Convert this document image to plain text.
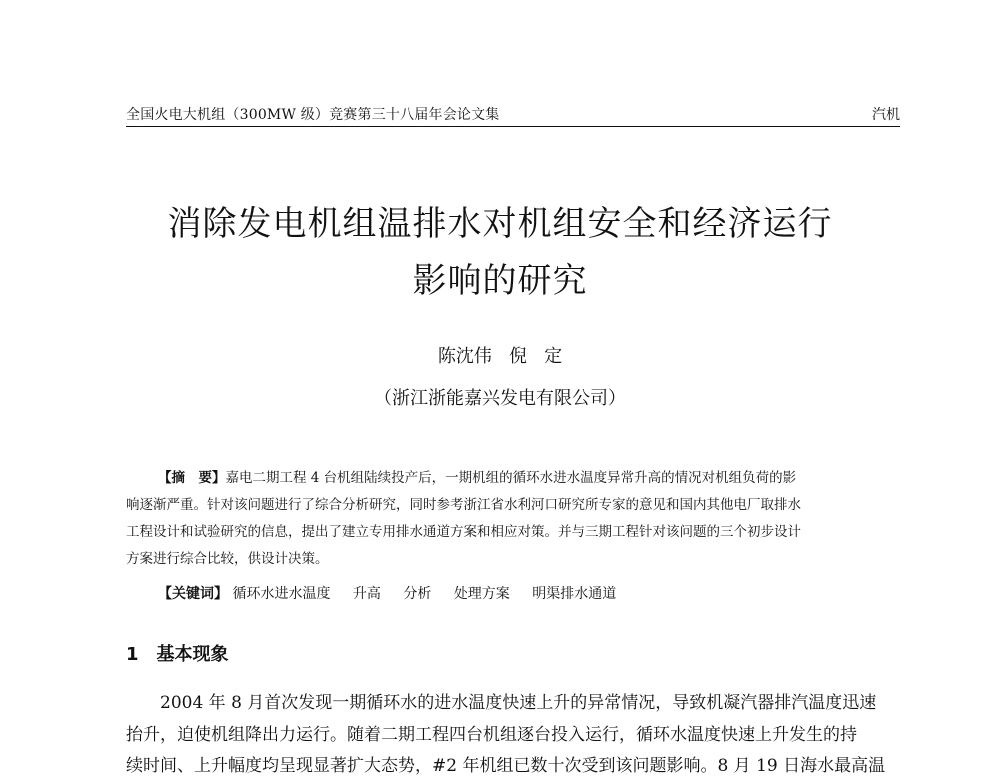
全国火电大机组（300MW 级）竞赛第三十八届年会论文集	汽机
消除发电机组温排水对机组安全和经济运行
影响的研究
陈沈伟   倪   定
（浙江浙能嘉兴发电有限公司）
【摘　要】嘉电二期工程 4 台机组陆续投产后，一期机组的循环水进水温度异常升高的情况对机组负荷的影
响逐渐严重。针对该问题进行了综合分析研究，同时参考浙江省水利河口研究所专家的意见和国内其他电厂取排水
工程设计和试验研究的信息，提出了建立专用排水通道方案和相应对策。并与三期工程针对该问题的三个初步设计
方案进行综合比较，供设计决策。
【关键词】 循环水进水温度 升高 分析 处理方案 明渠排水通道
1 基本现象
2004 年 8 月首次发现一期循环水的进水温度快速上升的异常情况，导致机凝汽器排汽温度迅速
抬升，迫使机组降出力运行。随着二期工程四台机组逐台投入运行，循环水温度快速上升发生的持
续时间、上升幅度均呈现显著扩大态势，#2 年机组已数十次受到该问题影响。8 月 19 日海水最高温
